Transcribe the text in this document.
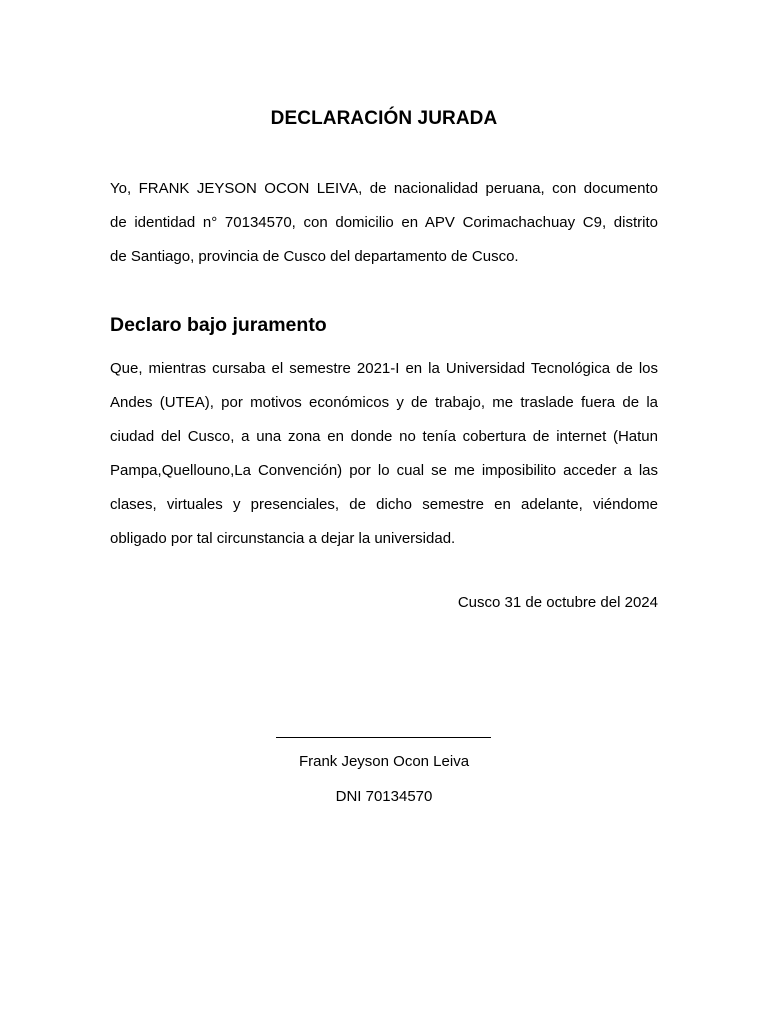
DECLARACIÓN JURADA
Yo, FRANK JEYSON OCON LEIVA, de nacionalidad peruana, con documento
de identidad n° 70134570, con domicilio en APV Corimachachuay C9, distrito
de Santiago, provincia de Cusco del departamento de Cusco.
Declaro bajo juramento
Que, mientras cursaba el semestre 2021-I en la Universidad Tecnológica de los
Andes (UTEA), por motivos económicos y de trabajo, me traslade fuera de la
ciudad del Cusco, a una zona en donde no tenía cobertura de internet (Hatun
Pampa,Quellouno,La Convención) por lo cual se me imposibilito acceder a las
clases, virtuales y presenciales, de dicho semestre en adelante, viéndome
obligado por tal circunstancia a dejar la universidad.
Cusco 31 de octubre del 2024
Frank Jeyson Ocon Leiva
DNI 70134570
